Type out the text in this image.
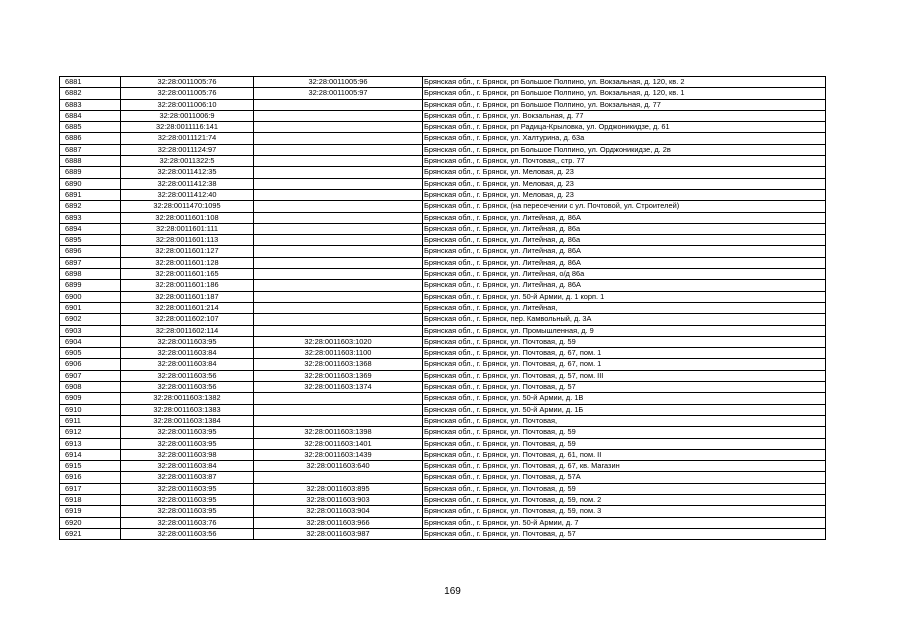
6881	32:28:0011005:76	32:28:0011005:96	Брянская обл., г. Брянск, рп Большое Полпино, ул. Вокзальная, д. 120, кв. 2
6882	32:28:0011005:76	32:28:0011005:97	Брянская обл., г. Брянск, рп Большое Полпино, ул. Вокзальная, д. 120, кв. 1
6883	32:28:0011006:10		Брянская обл., г. Брянск, рп Большое Полпино, ул. Вокзальная, д. 77
6884	32:28:0011006:9		Брянская обл., г. Брянск, ул. Вокзальная, д. 77
6885	32:28:0011116:141		Брянская обл., г. Брянск, рп Радица-Крыловка, ул. Орджоникидзе, д. 61
6886	32:28:0011121:74		Брянская обл., г. Брянск, ул. Халтурина, д. 63а
6887	32:28:0011124:97		Брянская обл., г. Брянск, рп Большое Полпино, ул. Орджоникидзе, д. 2в
6888	32:28:0011322:5		Брянская обл., г. Брянск, ул. Почтовая,, стр. 77
6889	32:28:0011412:35		Брянская обл., г. Брянск, ул. Меловая, д. 23
6890	32:28:0011412:38		Брянская обл., г. Брянск, ул. Меловая, д. 23
6891	32:28:0011412:40		Брянская обл., г. Брянск, ул. Меловая, д. 23
6892	32:28:0011470:1095		Брянская обл., г. Брянск, (на пересечении с ул. Почтовой, ул. Строителей)
6893	32:28:0011601:108		Брянская обл., г. Брянск, ул. Литейная, д. 86А
6894	32:28:0011601:111		Брянская обл., г. Брянск, ул. Литейная, д. 86а
6895	32:28:0011601:113		Брянская обл., г. Брянск, ул. Литейная, д. 86а
6896	32:28:0011601:127		Брянская обл., г. Брянск, ул. Литейная, д. 86А
6897	32:28:0011601:128		Брянская обл., г. Брянск, ул. Литейная, д. 86А
6898	32:28:0011601:165		Брянская обл., г. Брянск, ул. Литейная, о/д 86а
6899	32:28:0011601:186		Брянская обл., г. Брянск, ул. Литейная, д. 86А
6900	32:28:0011601:187		Брянская обл., г. Брянск, ул. 50-й Армии, д. 1 корп. 1
6901	32:28:0011601:214		Брянская обл., г. Брянск, ул. Литейная,
6902	32:28:0011602:107		Брянская обл., г. Брянск, пер. Камвольный, д. 3А
6903	32:28:0011602:114		Брянская обл., г. Брянск, ул. Промышленная, д. 9
6904	32:28:0011603:95	32:28:0011603:1020	Брянская обл., г. Брянск, ул. Почтовая, д. 59
6905	32:28:0011603:84	32:28:0011603:1100	Брянская обл., г. Брянск, ул. Почтовая, д. 67, пом. 1
6906	32:28:0011603:84	32:28:0011603:1368	Брянская обл., г. Брянск, ул. Почтовая, д. 67, пом. 1
6907	32:28:0011603:56	32:28:0011603:1369	Брянская обл., г. Брянск, ул. Почтовая, д. 57, пом. III
6908	32:28:0011603:56	32:28:0011603:1374	Брянская обл., г. Брянск, ул. Почтовая, д. 57
6909	32:28:0011603:1382		Брянская обл., г. Брянск, ул. 50-й Армии, д. 1В
6910	32:28:0011603:1383		Брянская обл., г. Брянск, ул. 50-й Армии, д. 1Б
6911	32:28:0011603:1384		Брянская обл., г. Брянск, ул. Почтовая,
6912	32:28:0011603:95	32:28:0011603:1398	Брянская обл., г. Брянск, ул. Почтовая, д. 59
6913	32:28:0011603:95	32:28:0011603:1401	Брянская обл., г. Брянск, ул. Почтовая, д. 59
6914	32:28:0011603:98	32:28:0011603:1439	Брянская обл., г. Брянск, ул. Почтовая, д. 61, пом. II
6915	32:28:0011603:84	32:28:0011603:640	Брянская обл., г. Брянск, ул. Почтовая, д. 67, кв. Магазин
6916	32:28:0011603:87		Брянская обл., г. Брянск, ул. Почтовая, д. 57А
6917	32:28:0011603:95	32:28:0011603:895	Брянская обл., г. Брянск, ул. Почтовая, д. 59
6918	32:28:0011603:95	32:28:0011603:903	Брянская обл., г. Брянск, ул. Почтовая, д. 59, пом. 2
6919	32:28:0011603:95	32:28:0011603:904	Брянская обл., г. Брянск, ул. Почтовая, д. 59, пом. 3
6920	32:28:0011603:76	32:28:0011603:966	Брянская обл., г. Брянск, ул. 50-й Армии, д. 7
6921	32:28:0011603:56	32:28:0011603:987	Брянская обл., г. Брянск, ул. Почтовая, д. 57
169
